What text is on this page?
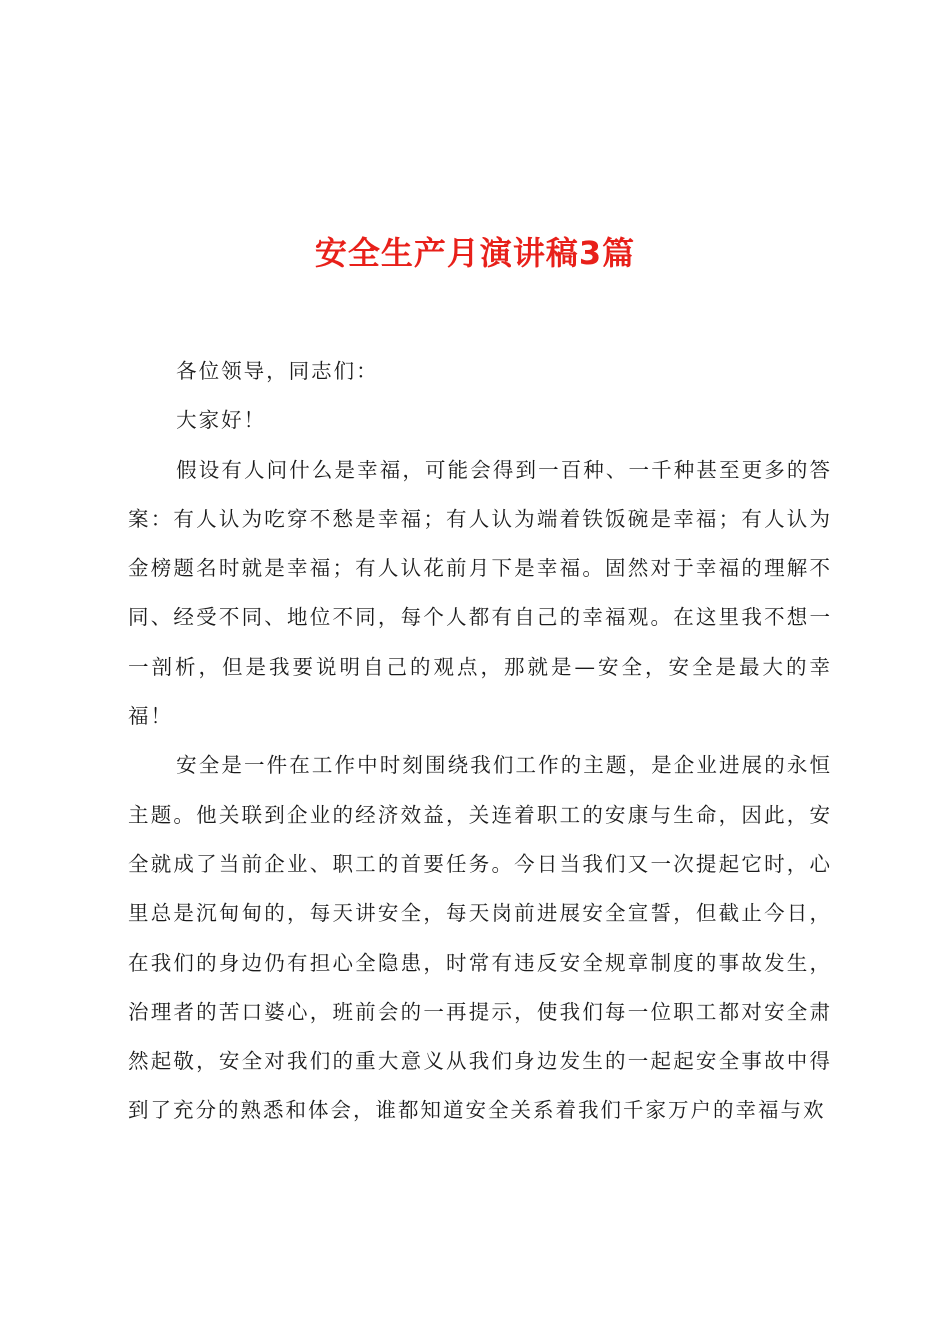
安全生产月演讲稿3篇

各位领导，同志们：

大家好！

假设有人问什么是幸福，可能会得到一百种、一千种甚至更多的答案：有人认为吃穿不愁是幸福；有人认为端着铁饭碗是幸福；有人认为金榜题名时就是幸福；有人认花前月下是幸福。固然对于幸福的理解不同、经受不同、地位不同，每个人都有自己的幸福观。在这里我不想一一剖析，但是我要说明自己的观点，那就是—安全，安全是最大的幸福！

安全是一件在工作中时刻围绕我们工作的主题，是企业进展的永恒主题。他关联到企业的经济效益，关连着职工的安康与生命，因此，安全就成了当前企业、职工的首要任务。今日当我们又一次提起它时，心里总是沉甸甸的，每天讲安全，每天岗前进展安全宣誓，但截止今日，在我们的身边仍有担心全隐患，时常有违反安全规章制度的事故发生，治理者的苦口婆心，班前会的一再提示，使我们每一位职工都对安全肃然起敬，安全对我们的重大意义从我们身边发生的一起起安全事故中得到了充分的熟悉和体会，谁都知道安全关系着我们千家万户的幸福与欢
